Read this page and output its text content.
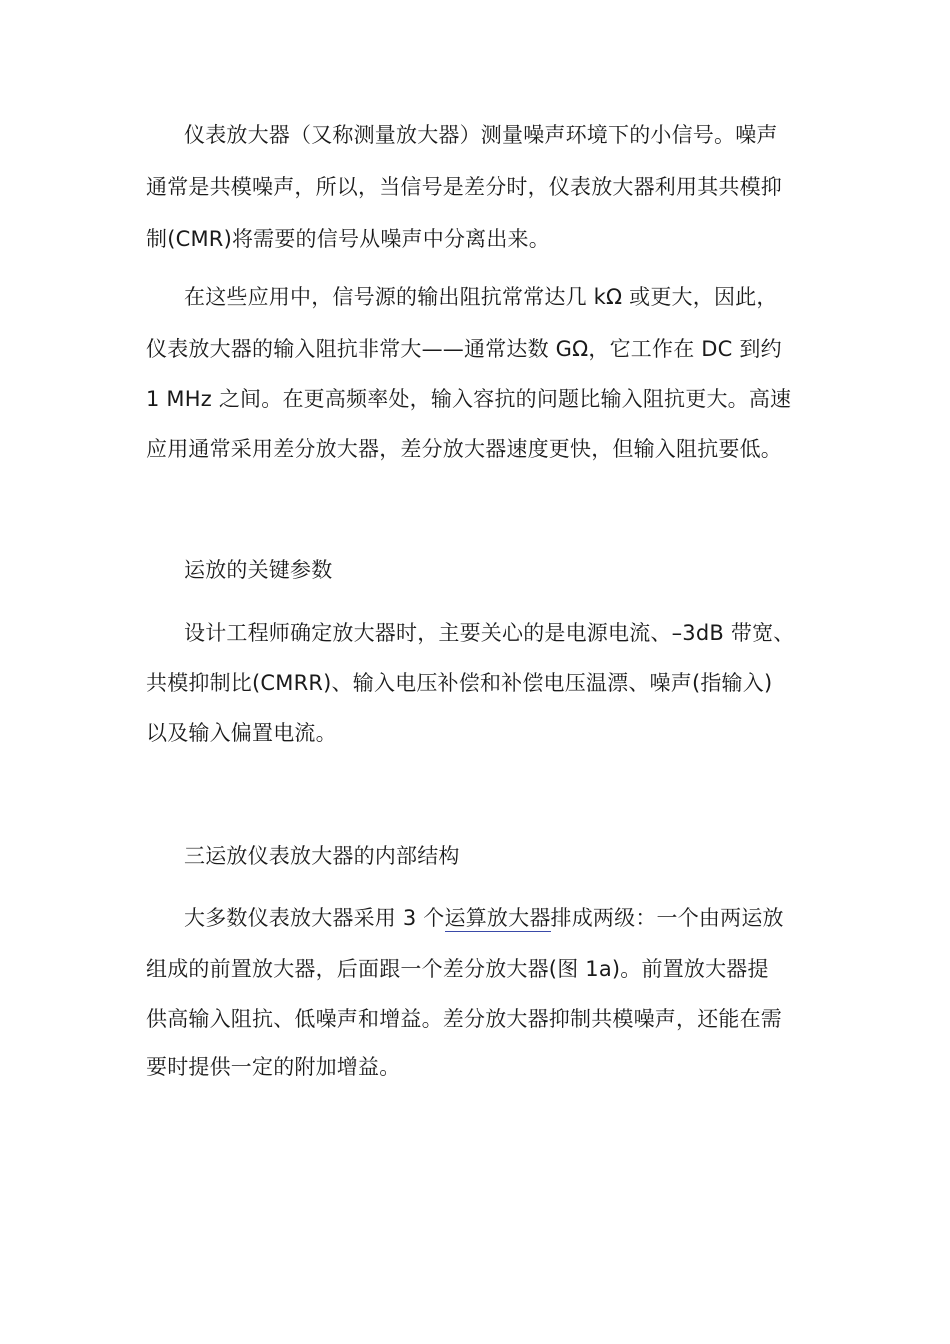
仪表放大器（又称测量放大器）测量噪声环境下的小信号。噪声
通常是共模噪声，所以，当信号是差分时，仪表放大器利用其共模抑
制(CMR)将需要的信号从噪声中分离出来。
在这些应用中，信号源的输出阻抗常常达几 kΩ 或更大，因此，
仪表放大器的输入阻抗非常大——通常达数 GΩ，它工作在 DC 到约
1 MHz 之间。在更高频率处，输入容抗的问题比输入阻抗更大。高速
应用通常采用差分放大器，差分放大器速度更快，但输入阻抗要低。
运放的关键参数
设计工程师确定放大器时，主要关心的是电源电流、–3dB 带宽、
共模抑制比(CMRR)、输入电压补偿和补偿电压温漂、噪声(指输入)
以及输入偏置电流。
三运放仪表放大器的内部结构
大多数仪表放大器采用 3 个运算放大器排成两级：一个由两运放
组成的前置放大器，后面跟一个差分放大器(图 1a)。前置放大器提
供高输入阻抗、低噪声和增益。差分放大器抑制共模噪声，还能在需
要时提供一定的附加增益。
